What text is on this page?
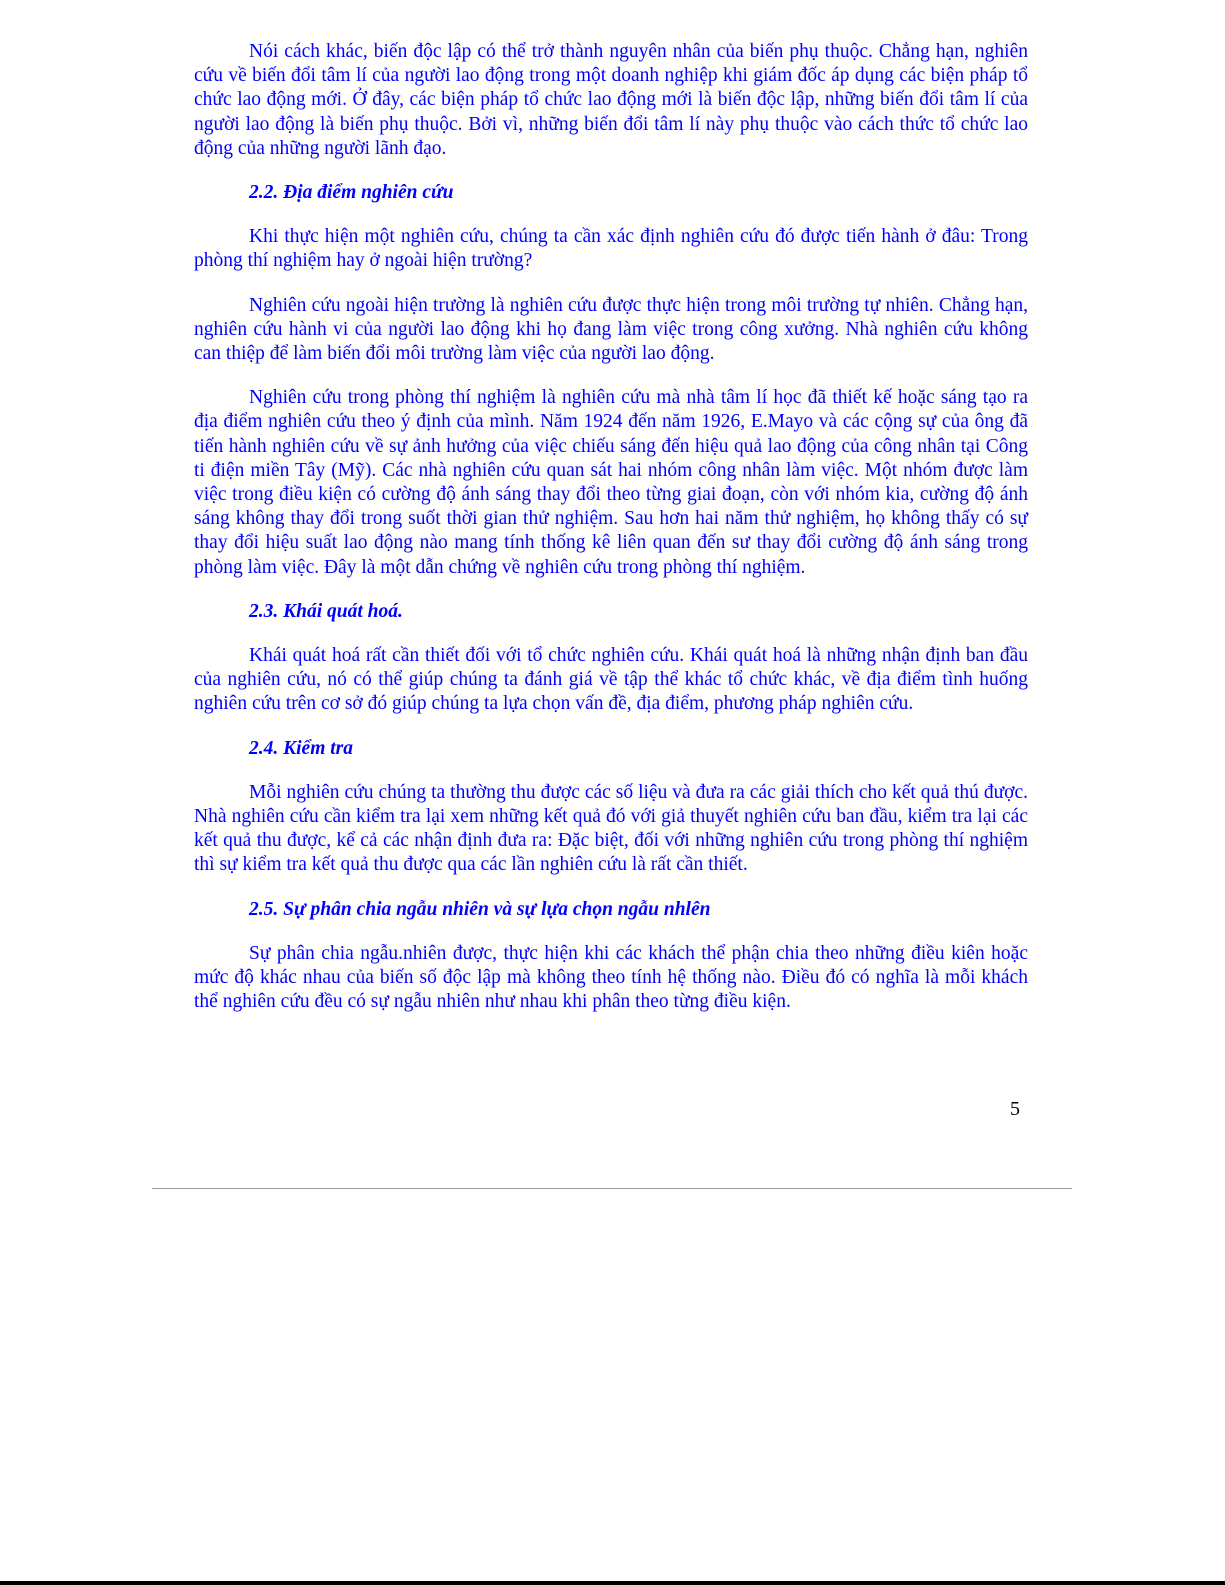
Nói cách khác, biến độc lập có thể trở thành nguyên nhân của biến phụ thuộc. Chẳng hạn, nghiên cứu về biến đổi tâm lí của người lao động trong một doanh nghiệp khi giám đốc áp dụng các biện pháp tổ chức lao động mới. Ở đây, các biện pháp tổ chức lao động mới là biến độc lập, những biến đổi tâm lí của người lao động là biến phụ thuộc. Bởi vì, những biến đổi tâm lí này phụ thuộc vào cách thức tổ chức lao động của những người lãnh đạo.

2.2. Địa điểm nghiên cứu

Khi thực hiện một nghiên cứu, chúng ta cần xác định nghiên cứu đó được tiến hành ở đâu: Trong phòng thí nghiệm hay ở ngoài hiện trường?

Nghiên cứu ngoài hiện trường là nghiên cứu được thực hiện trong môi trường tự nhiên. Chẳng hạn, nghiên cứu hành vi của người lao động khi họ đang làm việc trong công xưởng. Nhà nghiên cứu không can thiệp để làm biến đổi môi trường làm việc của người lao động.

Nghiên cứu trong phòng thí nghiệm là nghiên cứu mà nhà tâm lí học đã thiết kế hoặc sáng tạo ra địa điểm nghiên cứu theo ý định của mình. Năm 1924 đến năm 1926, E.Mayo và các cộng sự của ông đã tiến hành nghiên cứu về sự ảnh hưởng của việc chiếu sáng đến hiệu quả lao động của công nhân tại Công ti điện miền Tây (Mỹ). Các nhà nghiên cứu quan sát hai nhóm công nhân làm việc. Một nhóm được làm việc trong điều kiện có cường độ ánh sáng thay đổi theo từng giai đoạn, còn với nhóm kia, cường độ ánh sáng không thay đổi trong suốt thời gian thử nghiệm. Sau hơn hai năm thử nghiệm, họ không thấy có sự thay đổi hiệu suất lao động nào mang tính thống kê liên quan đến sư thay đổi cường độ ánh sáng trong phòng làm việc. Đây là một dẫn chứng về nghiên cứu trong phòng thí nghiệm.

2.3. Khái quát hoá.

Khái quát hoá rất cần thiết đối với tổ chức nghiên cứu. Khái quát hoá là những nhận định ban đầu của nghiên cứu, nó có thể giúp chúng ta đánh giá về tập thể khác tổ chức khác, về địa điểm tình huống nghiên cứu trên cơ sở đó giúp chúng ta lựa chọn vấn đề, địa điểm, phương pháp nghiên cứu.

2.4. Kiểm tra

Mỗi nghiên cứu chúng ta thường thu được các số liệu và đưa ra các giải thích cho kết quả thú được. Nhà nghiên cứu cần kiểm tra lại xem những kết quả đó với giả thuyết nghiên cứu ban đầu, kiểm tra lại các kết quả thu được, kể cả các nhận định đưa ra: Đặc biệt, đối với những nghiên cứu trong phòng thí nghiệm thì sự kiểm tra kết quả thu được qua các lần nghiên cứu là rất cần thiết.

2.5. Sự phân chia ngẫu nhiên và sự lựa chọn ngẫu nhlên

Sự phân chia ngẫu.nhiên được, thực hiện khi các khách thể phận chia theo những điều kiên hoặc mức độ khác nhau của biến số độc lập mà không theo tính hệ thống nào. Điều đó có nghĩa là mỗi khách thể nghiên cứu đều có sự ngẫu nhiên như nhau khi phân theo từng điều kiện.

5
